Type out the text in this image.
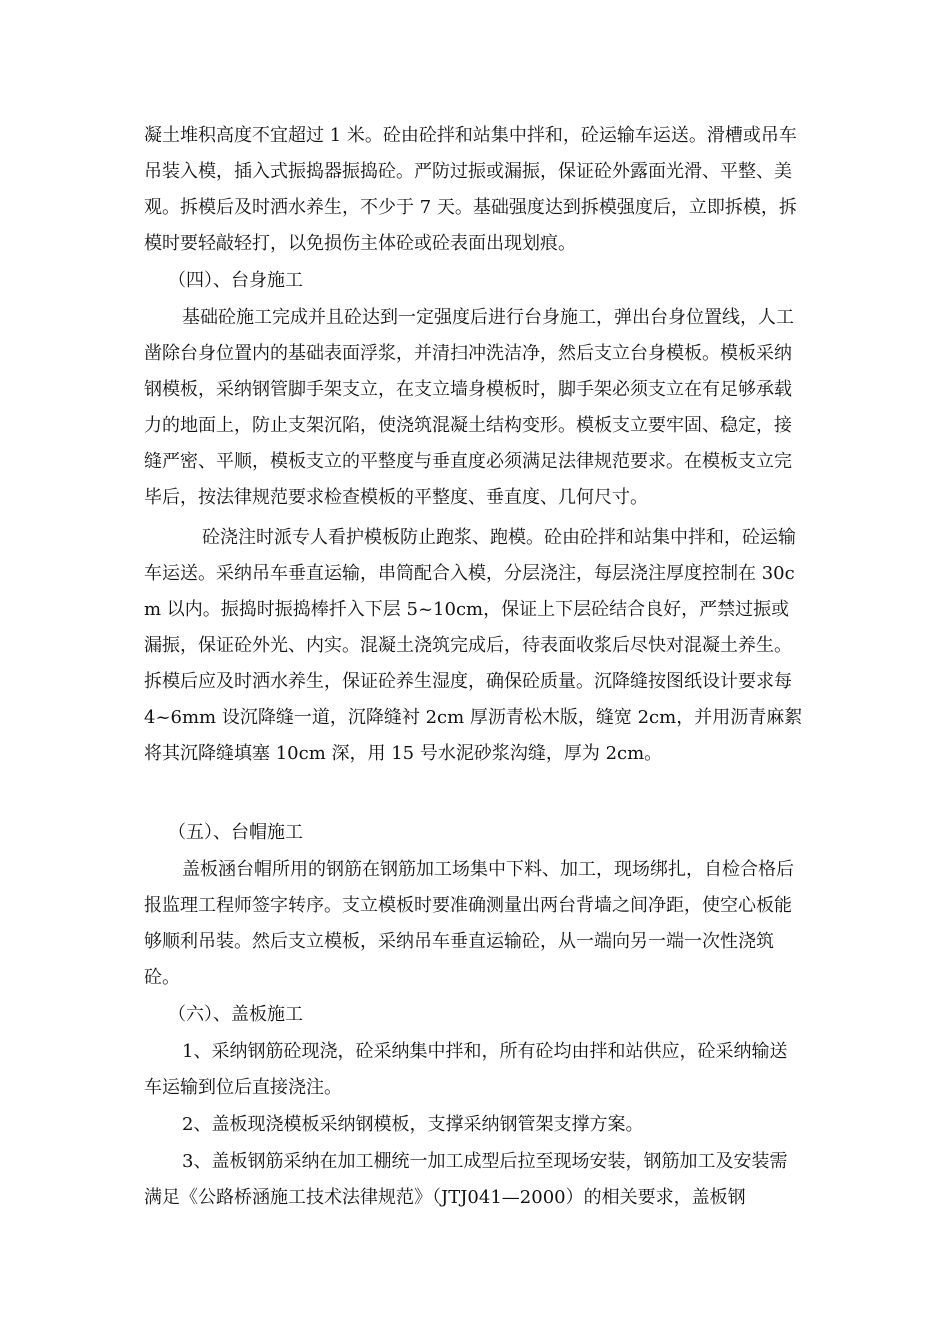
凝土堆积高度不宜超过 1 米。砼由砼拌和站集中拌和，砼运输车运送。滑槽或吊车吊装入模，插入式振捣器振捣砼。严防过振或漏振，保证砼外露面光滑、平整、美观。拆模后及时洒水养生，不少于 7 天。基础强度达到拆模强度后，立即拆模，拆模时要轻敲轻打，以免损伤主体砼或砼表面出现划痕。

（四）、台身施工

基础砼施工完成并且砼达到一定强度后进行台身施工，弹出台身位置线，人工凿除台身位置内的基础表面浮浆，并清扫冲洗洁净，然后支立台身模板。模板采纳钢模板，采纳钢管脚手架支立，在支立墙身模板时，脚手架必须支立在有足够承载力的地面上，防止支架沉陷，使浇筑混凝土结构变形。模板支立要牢固、稳定，接缝严密、平顺，模板支立的平整度与垂直度必须满足法律规范要求。在模板支立完毕后，按法律规范要求检查模板的平整度、垂直度、几何尺寸。

砼浇注时派专人看护模板防止跑浆、跑模。砼由砼拌和站集中拌和，砼运输车运送。采纳吊车垂直运输，串筒配合入模，分层浇注，每层浇注厚度控制在 30cm 以内。振捣时振捣棒扦入下层 5~10cm，保证上下层砼结合良好，严禁过振或漏振，保证砼外光、内实。混凝土浇筑完成后，待表面收浆后尽快对混凝土养生。拆模后应及时洒水养生，保证砼养生湿度，确保砼质量。沉降缝按图纸设计要求每 4~6mm 设沉降缝一道，沉降缝衬 2cm 厚沥青松木版，缝宽 2cm，并用沥青麻絮将其沉降缝填塞 10cm 深，用 15 号水泥砂浆沟缝，厚为 2cm。

（五）、台帽施工

盖板涵台帽所用的钢筋在钢筋加工场集中下料、加工，现场绑扎，自检合格后报监理工程师签字转序。支立模板时要准确测量出两台背墙之间净距，使空心板能够顺利吊装。然后支立模板，采纳吊车垂直运输砼，从一端向另一端一次性浇筑砼。

（六）、盖板施工

1、采纳钢筋砼现浇，砼采纳集中拌和，所有砼均由拌和站供应，砼采纳输送车运输到位后直接浇注。

2、盖板现浇模板采纳钢模板，支撑采纳钢管架支撑方案。

3、盖板钢筋采纳在加工棚统一加工成型后拉至现场安装，钢筋加工及安装需满足《公路桥涵施工技术法律规范》（JTJ041—2000）的相关要求，盖板钢
